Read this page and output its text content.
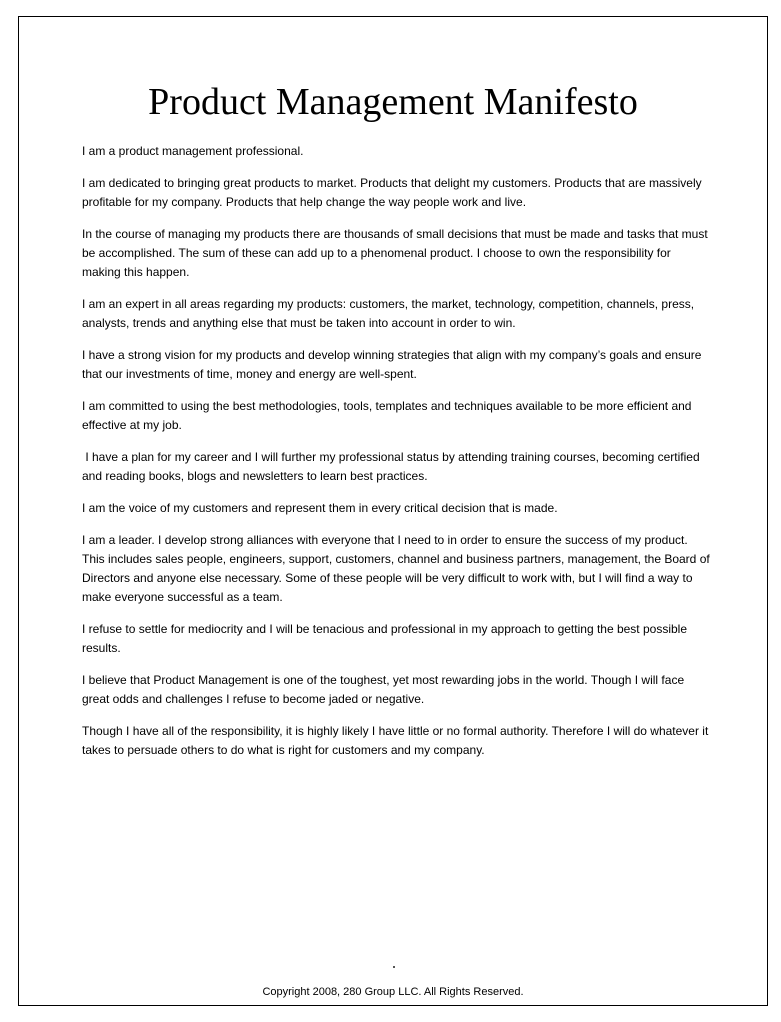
Product Management Manifesto

I am a product management professional.

I am dedicated to bringing great products to market. Products that delight my customers. Products that are massively profitable for my company. Products that help change the way people work and live.

In the course of managing my products there are thousands of small decisions that must be made and tasks that must be accomplished. The sum of these can add up to a phenomenal product. I choose to own the responsibility for making this happen.

I am an expert in all areas regarding my products: customers, the market, technology, competition, channels, press, analysts, trends and anything else that must be taken into account in order to win.

I have a strong vision for my products and develop winning strategies that align with my company’s goals and ensure that our investments of time, money and energy are well-spent.

I am committed to using the best methodologies, tools, templates and techniques available to be more efficient and effective at my job.

I have a plan for my career and I will further my professional status by attending training courses, becoming certified and reading books, blogs and newsletters to learn best practices.

I am the voice of my customers and represent them in every critical decision that is made.

I am a leader. I develop strong alliances with everyone that I need to in order to ensure the success of my product. This includes sales people, engineers, support, customers, channel and business partners, management, the Board of Directors and anyone else necessary. Some of these people will be very difficult to work with, but I will find a way to make everyone successful as a team.

I refuse to settle for mediocrity and I will be tenacious and professional in my approach to getting the best possible results.

I believe that Product Management is one of the toughest, yet most rewarding jobs in the world. Though I will face great odds and challenges I refuse to become jaded or negative.

Though I have all of the responsibility, it is highly likely I have little or no formal authority. Therefore I will do whatever it takes to persuade others to do what is right for customers and my company.

Copyright 2008, 280 Group LLC. All Rights Reserved.
